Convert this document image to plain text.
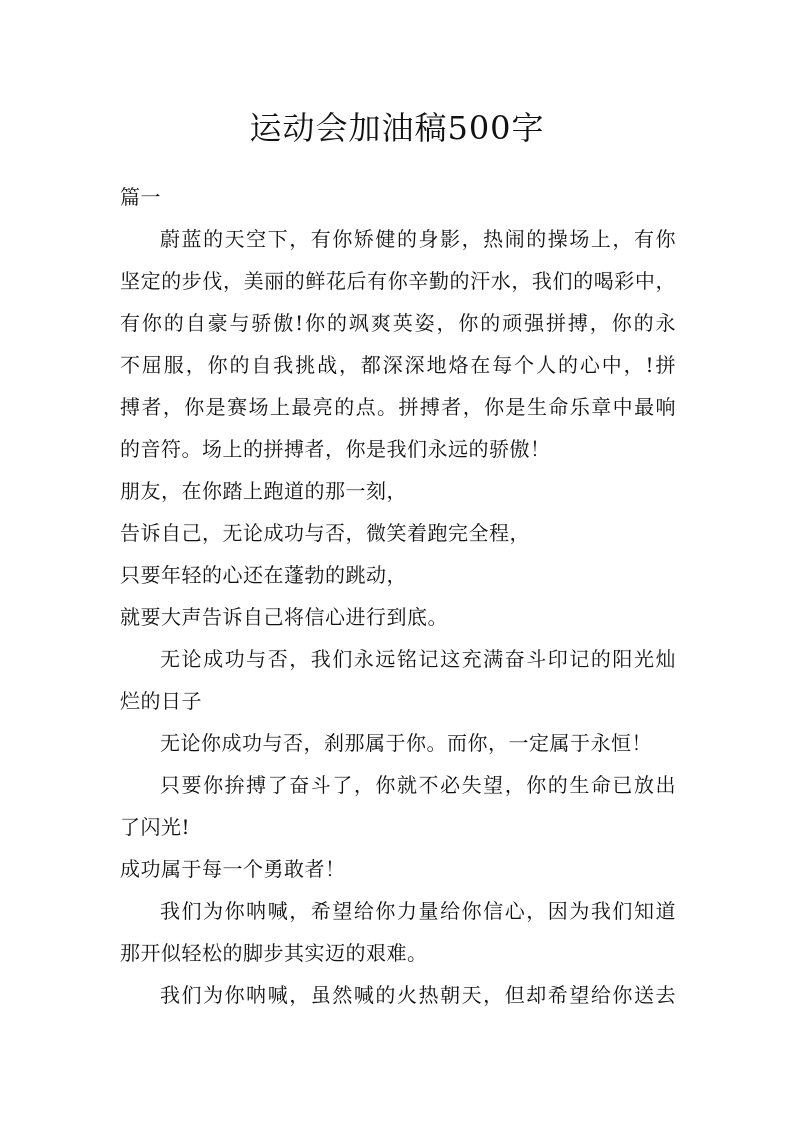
运动会加油稿500字
篇一
蔚蓝的天空下，有你矫健的身影，热闹的操场上，有你
坚定的步伐，美丽的鲜花后有你辛勤的汗水，我们的喝彩中，
有你的自豪与骄傲!你的飒爽英姿，你的顽强拼搏，你的永
不屈服，你的自我挑战，都深深地烙在每个人的心中，!拼
搏者，你是赛场上最亮的点。拼搏者，你是生命乐章中最响
的音符。场上的拼搏者，你是我们永远的骄傲！
朋友，在你踏上跑道的那一刻，
告诉自己，无论成功与否，微笑着跑完全程，
只要年轻的心还在蓬勃的跳动，
就要大声告诉自己将信心进行到底。
无论成功与否，我们永远铭记这充满奋斗印记的阳光灿
烂的日子
无论你成功与否，刹那属于你。而你，一定属于永恒！
只要你拚搏了奋斗了，你就不必失望，你的生命已放出
了闪光!
成功属于每一个勇敢者！
我们为你呐喊，希望给你力量给你信心，因为我们知道
那开似轻松的脚步其实迈的艰难。
我们为你呐喊，虽然喊的火热朝天，但却希望给你送去
